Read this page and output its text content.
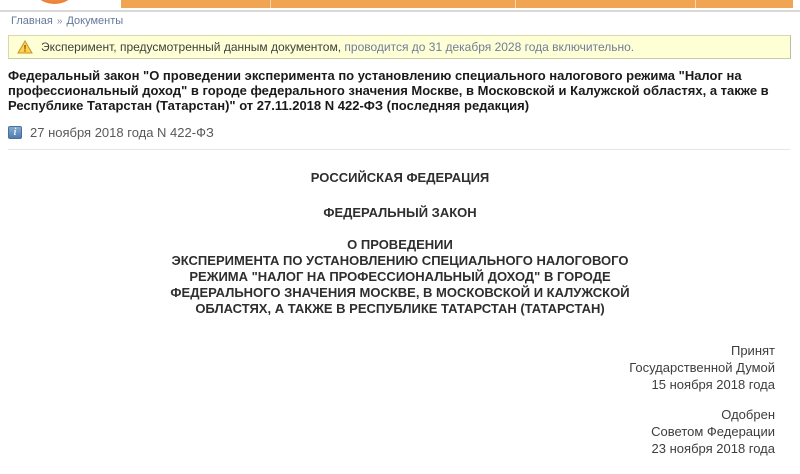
Главная » Документы
! Эксперимент, предусмотренный данным документом, проводится до 31 декабря 2028 года включительно.
Федеральный закон "О проведении эксперимента по установлению специального налогового режима "Налог на профессиональный доход" в городе федерального значения Москве, в Московской и Калужской областях, а также в Республике Татарстан (Татарстан)" от 27.11.2018 N 422-ФЗ (последняя редакция)
i	27 ноября 2018 года N 422-ФЗ
РОССИЙСКАЯ ФЕДЕРАЦИЯ
ФЕДЕРАЛЬНЫЙ ЗАКОН
О ПРОВЕДЕНИИ
ЭКСПЕРИМЕНТА ПО УСТАНОВЛЕНИЮ СПЕЦИАЛЬНОГО НАЛОГОВОГО
РЕЖИМА "НАЛОГ НА ПРОФЕССИОНАЛЬНЫЙ ДОХОД" В ГОРОДЕ
ФЕДЕРАЛЬНОГО ЗНАЧЕНИЯ МОСКВЕ, В МОСКОВСКОЙ И КАЛУЖСКОЙ
ОБЛАСТЯХ, А ТАКЖЕ В РЕСПУБЛИКЕ ТАТАРСТАН (ТАТАРСТАН)
Принят
Государственной Думой
15 ноября 2018 года
Одобрен
Советом Федерации
23 ноября 2018 года
